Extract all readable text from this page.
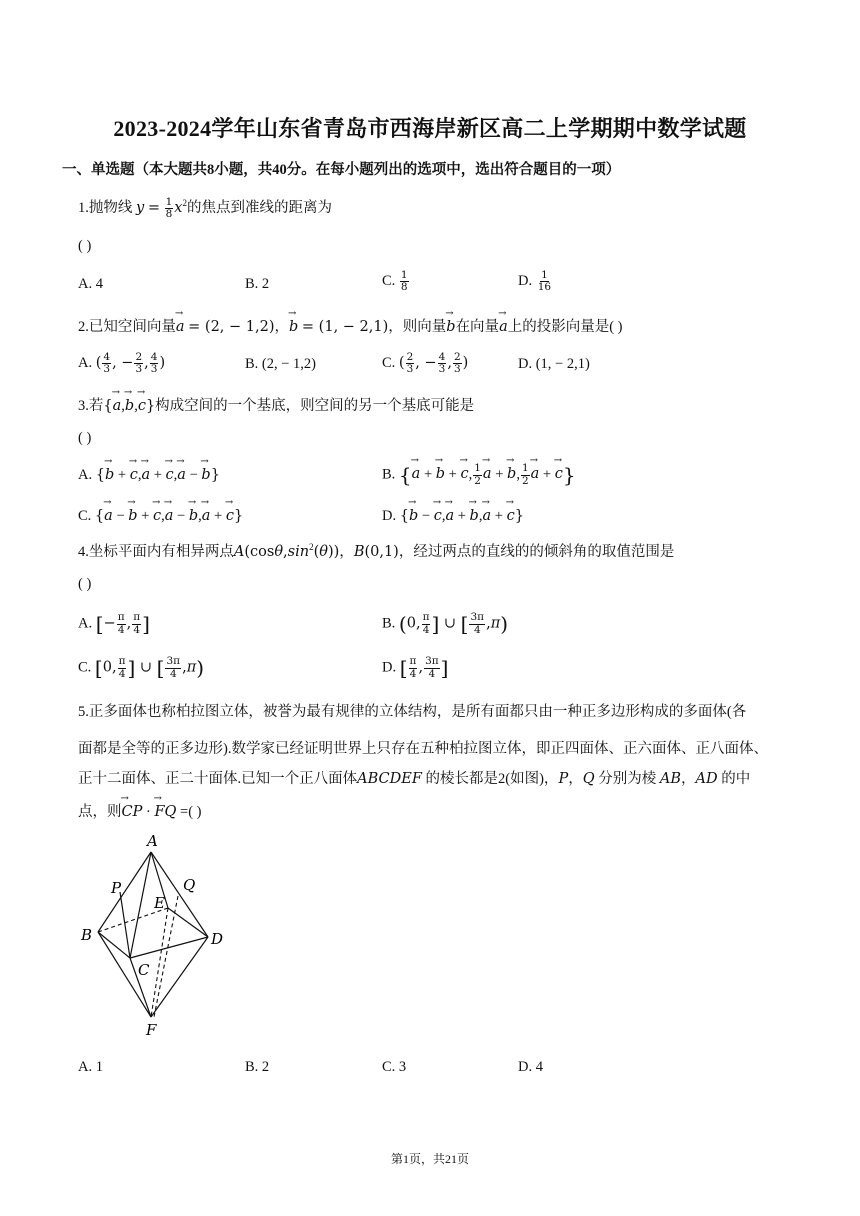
2023-2024学年山东省青岛市西海岸新区高二上学期期中数学试题
一、单选题（本大题共8小题，共40分。在每小题列出的选项中，选出符合题目的一项）
1.抛物线 $y = \frac{1}{8} x^2$的焦点到准线的距离为
( )
A. 4	B. 2	C. $\frac{1}{8}$	D. $\frac{1}{16}$
2.已知空间向量→ a = (2, − 1,2)，→ b = (1, − 2,1)，则向量→ b在向量→ a上的投影向量是( )
A. ( $\frac{4}{3}$ , − $\frac{2}{3}$ , $\frac{4}{3}$ )	B. (2, − 1,2)	C. ( $\frac{2}{3}$ , − $\frac{4}{3}$ , $\frac{2}{3}$ )	D. (1, − 2,1)
3.若{→ a,→ b,→ c}构成空间的一个基底，则空间的另一个基底可能是
( )
A. {→ b + → c,→ a + → c,→ a − → b}	B. {→ a + → b + → c, $\frac{1}{2}$
→ a + → b, $\frac{1}{2}$
→ a + → c}
C. {→ a − → b + → c,→ a − → b,→ a + → c}	D. {→ b − → c,→ a + → b,→ a + → c}
4.坐标平面内有相异两点$A(\cos\theta,\sin^2(\theta))$，B(0,1)，经过两点的直线的的倾斜角的取值范围是
( )
A. [− $\frac{\pi}{4}$ , $\frac{\pi}{4}$ ]	B. (0, $\frac{\pi}{4}$ ] ∪ [ $\frac{3\pi}{4} ,\pi$)
C. [0, $\frac{\pi}{4}$ ] ∪ [ $\frac{3\pi}{4} ,\pi$)	D. [ $\frac{\pi}{4}$ , $\frac{3\pi}{4}$ ]
5.正多面体也称柏拉图立体，被誉为最有规律的立体结构，是所有面都只由一种正多边形构成的多面体(各
面都是全等的正多边形).数学家已经证明世界上只存在五种柏拉图立体，即正四面体、正六面体、正八面体、
正十二面体、正二十面体.已知一个正八面体ABCDEF 的棱长都是2(如图)，P，Q 分别为棱 AB，AD 的中
点，则→ CP · → FQ =( )
A
P	Q
E
B	D
C
F
A. 1	B. 2	C. 3	D. 4
第1页，共21页
